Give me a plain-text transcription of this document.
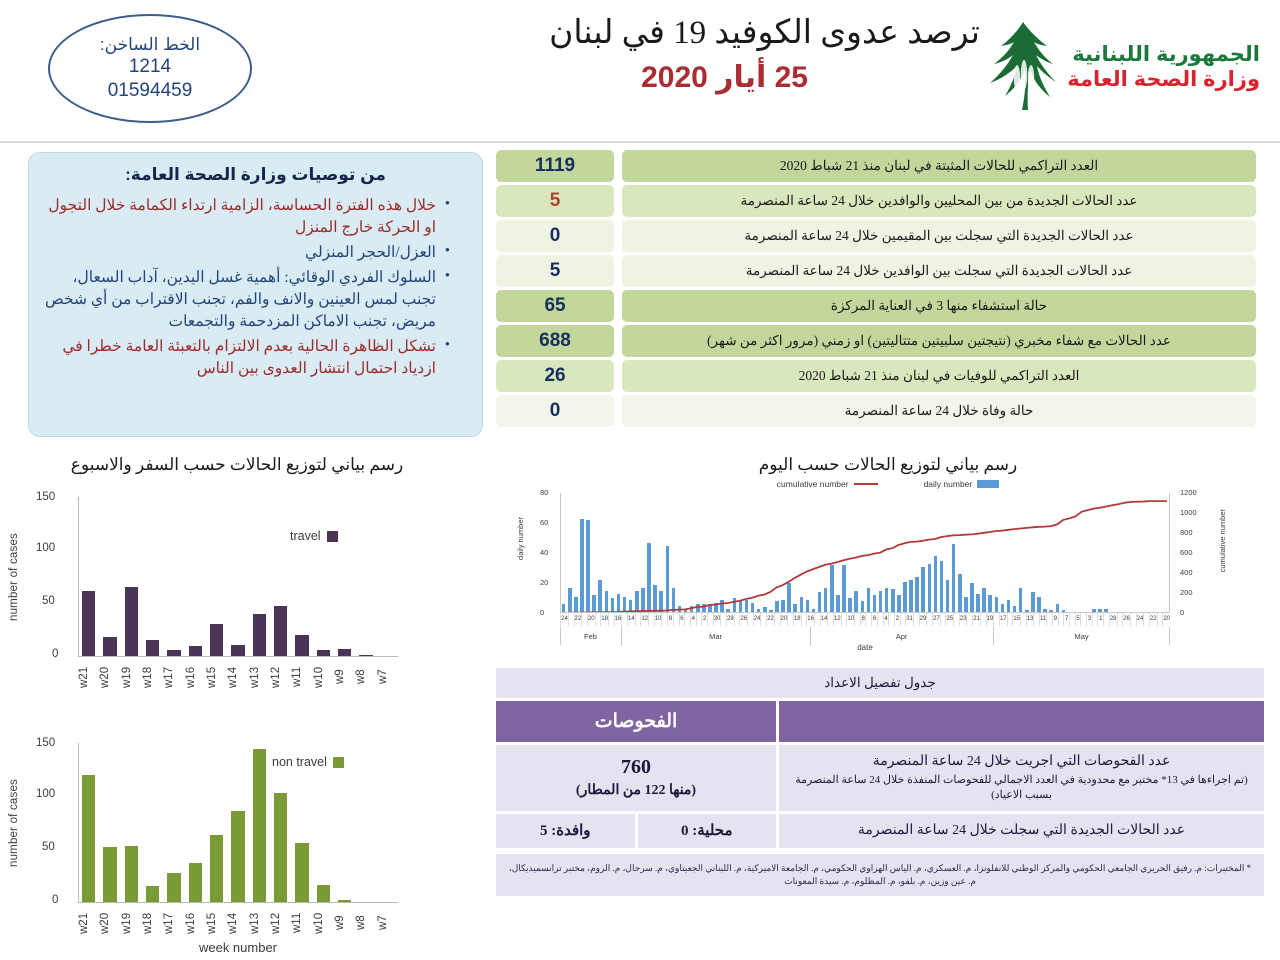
الخط الساخن:
1214
01594459
ترصد عدوى الكوفيد 19 في لبنان
25 أيار 2020
الجمهورية اللبنانية
وزارة الصحة العامة
من توصيات وزارة الصحة العامة:
• خلال هذه الفترة الحساسة، الزامية ارتداء الكمامة خلال التجول او الحركة خارج المنزل
• العزل/الحجر المنزلي
• السلوك الفردي الوقائي: أهمية غسل اليدين، آداب السعال، تجنب لمس العينين والانف والفم، تجنب الاقتراب من أي شخص مريض، تجنب الاماكن المزدحمة والتجمعات
• تشكل الظاهرة الحالية بعدم الالتزام بالتعبئة العامة خطرا في ازدياد احتمال انتشار العدوى بين الناس
العدد التراكمي للحالات المثبتة في لبنان منذ 21 شباط 2020
1119
عدد الحالات الجديدة من بين المحليين والوافدين خلال 24 ساعة المنصرمة
5
عدد الحالات الجديدة التي سجلت بين المقيمين خلال 24 ساعة المنصرمة
0
عدد الحالات الجديدة التي سجلت بين الوافدين خلال 24 ساعة المنصرمة
5
حالة استشفاء منها 3 في العناية المركزة
65
عدد الحالات مع شفاء مخبري (نتيجتين سلبيتين متتاليتين) او زمني (مرور اكثر من شهر)
688
العدد التراكمي للوفيات في لبنان منذ 21 شباط 2020
26
حالة وفاة خلال 24 ساعة المنصرمة
0
رسم بياني لتوزيع الحالات حسب السفر والاسبوع
number of cases
150
100
50
0
travel
w7
w8
w9
w10
w11
w12
w13
w14
w15
w16
w17
w18
w19
w20
w21
number of cases
150
100
50
0
non travel
w7
w8
w9
w10
w11
w12
w13
w14
w15
w16
w17
w18
w19
w20
w21
week number
رسم بياني لتوزيع الحالات حسب اليوم
daily number
cumulative number
daily number	cumulative number
0
20
40
60
80
0
200
400
600
800
1000
1200
20
22
24
26
28
1
3
5
7
9
11
13
15
17
19
21
23
25
27
29
31
2
4
6
8
10
12
14
16
18
20
22
24
26
28
30
2
4
6
8
10
12
14
16
18
20
22
24
Feb	Mar	Apr	May
date
جدول تفصيل الاعداد
الفحوصات
عدد الفحوصات التي اجريت خلال 24 ساعة المنصرمة
(تم اجراءها في 13* مختبر مع محدودية في العدد الاجمالي للفحوصات المنفذة خلال 24 ساعة المنصرمة بسبب الاعياد)
760
(منها 122 من المطار)
عدد الحالات الجديدة التي سجلت خلال 24 ساعة المنصرمة
محلية: 0
وافدة: 5
* المختبرات: م. رفيق الحريري الجامعي الحكومي والمركز الوطني للانفلونزا، م. العسكري، م. الياس الهراوي الحكومي، م. الجامعة الاميركية، م. اللبناني الجعيتاوي، م. سرحال، م. الروم، مختبر ترانسميديكال، م. عين وزين، م. بلفو، م. المظلوم، م. سيدة المعونات
